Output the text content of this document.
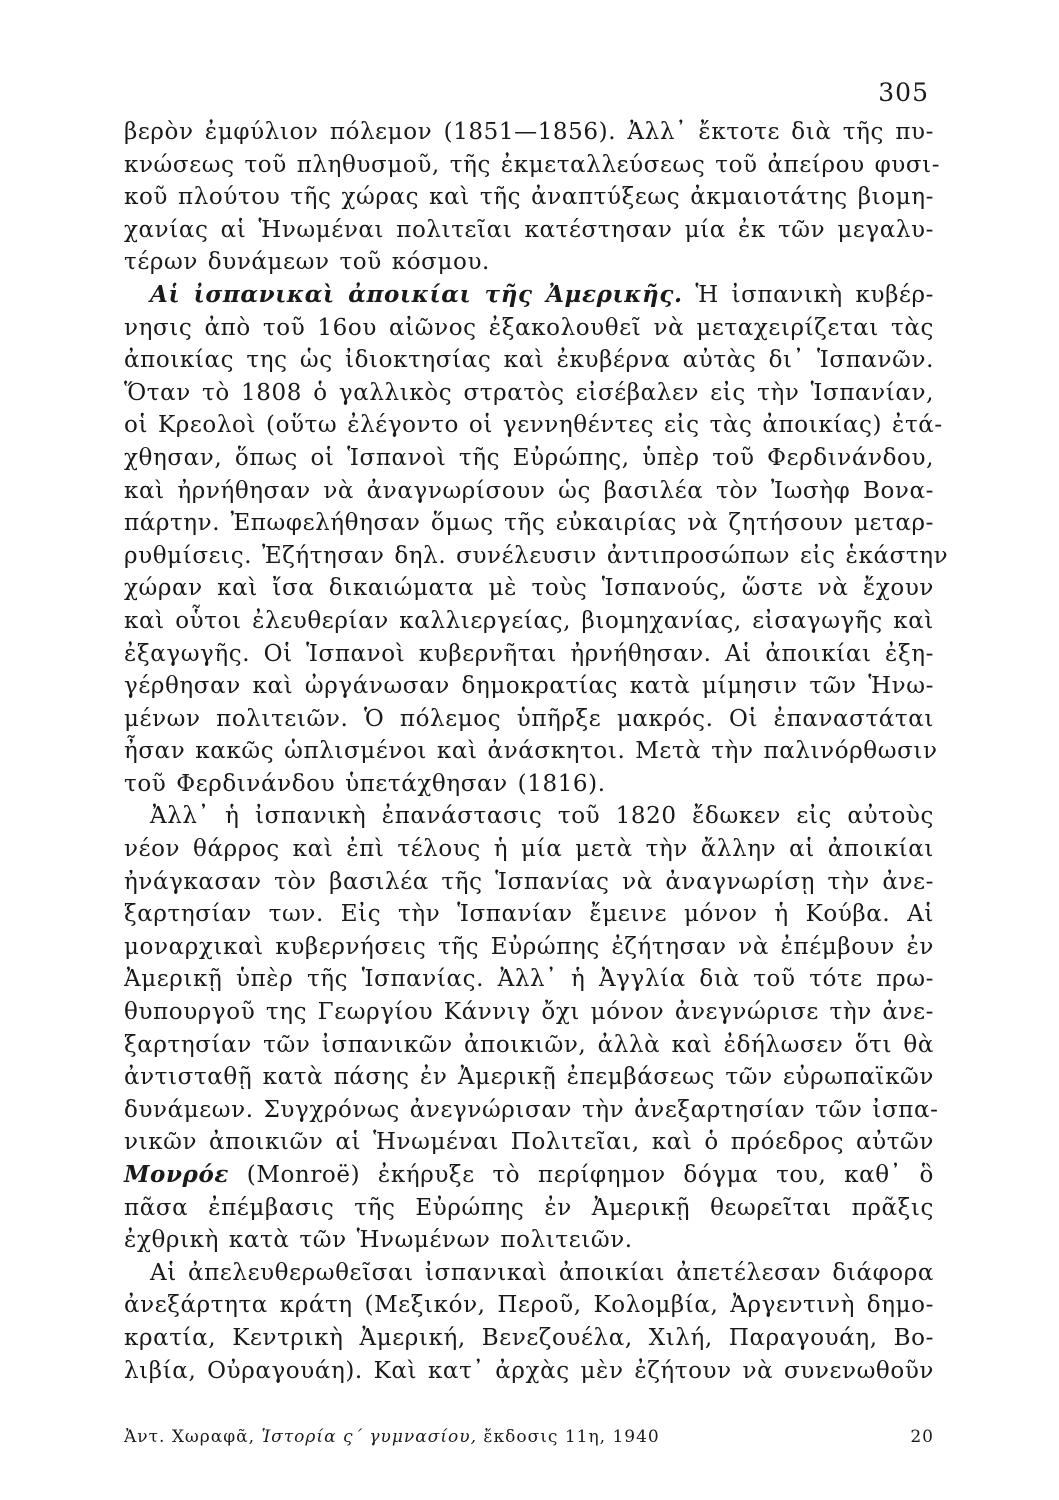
305
βερὸν ἐμφύλιον πόλεμον (1851—1856). Ἀλλ᾽ ἔκτοτε διὰ τῆς πυ-
κνώσεως τοῦ πληθυσμοῦ, τῆς ἐκμεταλλεύσεως τοῦ ἀπείρου φυσι-
κοῦ πλούτου τῆς χώρας καὶ τῆς ἀναπτύξεως ἀκμαιοτάτης βιομη-
χανίας αἱ Ἡνωμέναι πολιτεῖαι κατέστησαν μία ἐκ τῶν μεγαλυ-
τέρων δυνάμεων τοῦ κόσμου.
Αἱ ἰσπανικαὶ ἀποικίαι τῆς Ἀμερικῆς. Ἡ ἰσπανικὴ κυβέρ-
νησις ἀπὸ τοῦ 16ου αἰῶνος ἐξακολουθεῖ νὰ μεταχειρίζεται τὰς
ἀποικίας της ὡς ἰδιοκτησίας καὶ ἐκυβέρνα αὐτὰς δι᾽ Ἱσπανῶν.
Ὅταν τὸ 1808 ὁ γαλλικὸς στρατὸς εἰσέβαλεν εἰς τὴν Ἱσπανίαν,
οἱ Κρεολοὶ (οὕτω ἐλέγοντο οἱ γεννηθέντες εἰς τὰς ἀποικίας) ἐτά-
χθησαν, ὅπως οἱ Ἱσπανοὶ τῆς Εὐρώπης, ὑπὲρ τοῦ Φερδινάνδου,
καὶ ἠρνήθησαν νὰ ἀναγνωρίσουν ὡς βασιλέα τὸν Ἰωσὴφ Βονα-
πάρτην. Ἐπωφελήθησαν ὅμως τῆς εὐκαιρίας νὰ ζητήσουν μεταρ-
ρυθμίσεις. Ἐζήτησαν δηλ. συνέλευσιν ἀντιπροσώπων εἰς ἑκάστην
χώραν καὶ ἴσα δικαιώματα μὲ τοὺς Ἱσπανούς, ὥστε νὰ ἔχουν
καὶ οὗτοι ἐλευθερίαν καλλιεργείας, βιομηχανίας, εἰσαγωγῆς καὶ
ἐξαγωγῆς. Οἱ Ἱσπανοὶ κυβερνῆται ἠρνήθησαν. Αἱ ἀποικίαι ἐξη-
γέρθησαν καὶ ὠργάνωσαν δημοκρατίας κατὰ μίμησιν τῶν Ἡνω-
μένων πολιτειῶν. Ὁ πόλεμος ὑπῆρξε μακρός. Οἱ ἐπαναστάται
ἦσαν κακῶς ὡπλισμένοι καὶ ἀνάσκητοι. Μετὰ τὴν παλινόρθωσιν
τοῦ Φερδινάνδου ὑπετάχθησαν (1816).
Ἀλλ᾽ ἡ ἰσπανικὴ ἐπανάστασις τοῦ 1820 ἔδωκεν εἰς αὐτοὺς
νέον θάρρος καὶ ἐπὶ τέλους ἡ μία μετὰ τὴν ἄλλην αἱ ἀποικίαι
ἠνάγκασαν τὸν βασιλέα τῆς Ἱσπανίας νὰ ἀναγνωρίσῃ τὴν ἀνε-
ξαρτησίαν των. Εἰς τὴν Ἱσπανίαν ἔμεινε μόνον ἡ Κούβα. Αἱ
μοναρχικαὶ κυβερνήσεις τῆς Εὐρώπης ἐζήτησαν νὰ ἐπέμβουν ἐν
Ἀμερικῇ ὑπὲρ τῆς Ἱσπανίας. Ἀλλ᾽ ἡ Ἀγγλία διὰ τοῦ τότε πρω-
θυπουργοῦ της Γεωργίου Κάννιγ ὄχι μόνον ἀνεγνώρισε τὴν ἀνε-
ξαρτησίαν τῶν ἰσπανικῶν ἀποικιῶν, ἀλλὰ καὶ ἐδήλωσεν ὅτι θὰ
ἀντισταθῇ κατὰ πάσης ἐν Ἀμερικῇ ἐπεμβάσεως τῶν εὐρωπαϊκῶν
δυνάμεων. Συγχρόνως ἀνεγνώρισαν τὴν ἀνεξαρτησίαν τῶν ἰσπα-
νικῶν ἀποικιῶν αἱ Ἡνωμέναι Πολιτεῖαι, καὶ ὁ πρόεδρος αὐτῶν
Μονρόε (Monroë) ἐκήρυξε τὸ περίφημον δόγμα του, καθ᾽ ὃ
πᾶσα ἐπέμβασις τῆς Εὐρώπης ἐν Ἀμερικῇ θεωρεῖται πρᾶξις
ἐχθρικὴ κατὰ τῶν Ἡνωμένων πολιτειῶν.
Αἱ ἀπελευθερωθεῖσαι ἰσπανικαὶ ἀποικίαι ἀπετέλεσαν διάφορα
ἀνεξάρτητα κράτη (Μεξικόν, Περοῦ, Κολομβία, Ἀργεντινὴ δημο-
κρατία, Κεντρικὴ Ἀμερική, Βενεζουέλα, Χιλή, Παραγουάη, Βο-
λιβία, Οὐραγουάη). Καὶ κατ᾽ ἀρχὰς μὲν ἐζήτουν νὰ συνενωθοῦν
Ἀντ. Χωραφᾶ, Ἱστορία ς΄ γυμνασίου, ἔκδοσις 11η, 1940	20
